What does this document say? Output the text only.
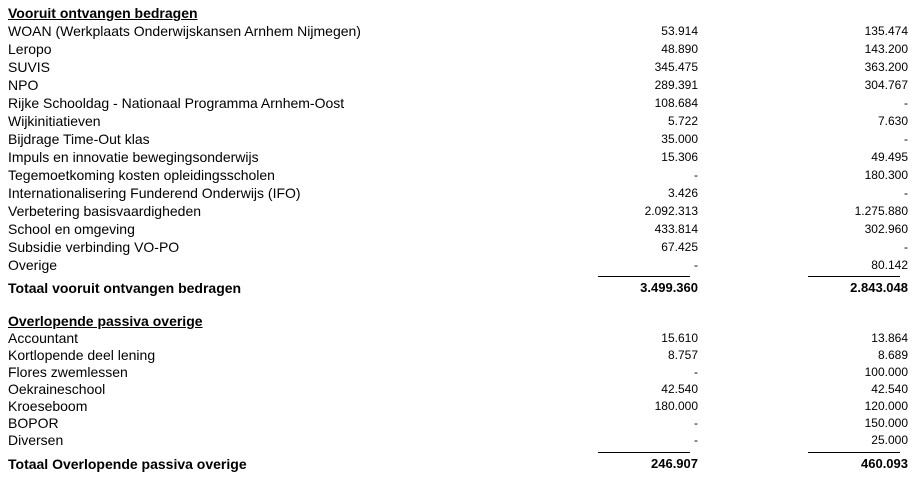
Vooruit ontvangen bedragen
WOAN (Werkplaats Onderwijskansen Arnhem Nijmegen)	53.914	135.474
Leropo	48.890	143.200
SUVIS	345.475	363.200
NPO	289.391	304.767
Rijke Schooldag - Nationaal Programma Arnhem-Oost	108.684	-
Wijkinitiatieven	5.722	7.630
Bijdrage Time-Out klas	35.000	-
Impuls en innovatie bewegingsonderwijs	15.306	49.495
Tegemoetkoming kosten opleidingsscholen	-	180.300
Internationalisering Funderend Onderwijs (IFO)	3.426	-
Verbetering basisvaardigheden	2.092.313	1.275.880
School en omgeving	433.814	302.960
Subsidie verbinding VO-PO	67.425	-
Overige	-	80.142
Totaal vooruit ontvangen bedragen	3.499.360	2.843.048
Overlopende passiva overige
Accountant	15.610	13.864
Kortlopende deel lening	8.757	8.689
Flores zwemlessen	-	100.000
Oekraineschool	42.540	42.540
Kroeseboom	180.000	120.000
BOPOR	-	150.000
Diversen	-	25.000
Totaal Overlopende passiva overige	246.907	460.093
